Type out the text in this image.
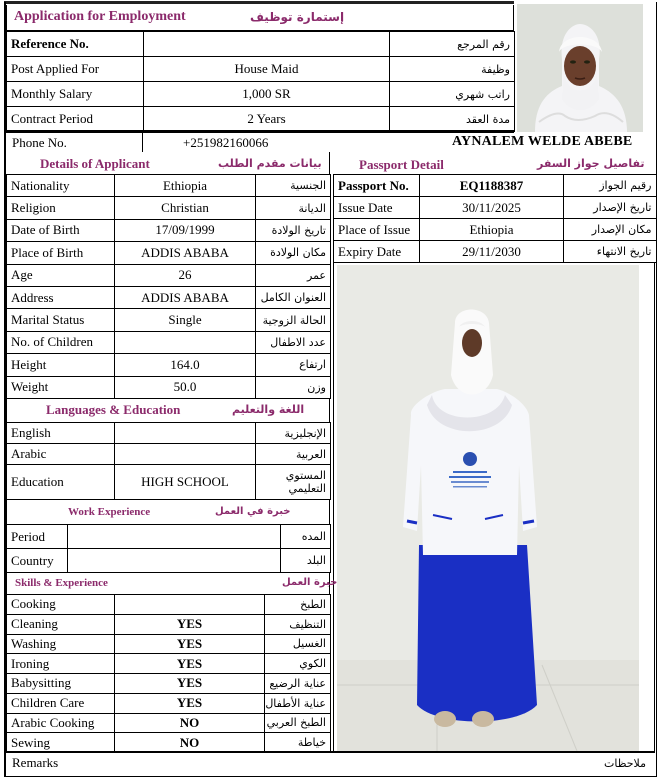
Application for Employment	إستمارة توظيف
Reference No.		رقم المرجع
Post Applied For	House Maid	وظيفة
Monthly Salary	1,000 SR	راتب شهري
Contract Period	2 Years	مدة العقد
Phone No.	+251982160066	AYNALEM WELDE ABEBE
Details of Applicant	بيانات مقدم الطلب
Nationality	Ethiopia	الجنسية
Religion	Christian	الديانة
Date of Birth	17/09/1999	تاريخ الولادة
Place of Birth	ADDIS ABABA	مكان الولادة
Age	26	عمر
Address	ADDIS ABABA	العنوان الكامل
Marital Status	Single	الحالة الزوجية
No. of Children		عدد الاطفال
Height	164.0	ارتفاع
Weight	50.0	وزن
Passport Detail	تفاصيل جواز السفر
Passport No.	EQ1188387	رقيم الجواز
Issue Date	30/11/2025	تاريخ الإصدار
Place of Issue	Ethiopia	مكان الإصدار
Expiry Date	29/11/2030	تاريخ الانتهاء
Languages & Education	اللغة والتعليم
English		الإنجليزية
Arabic		العربية
Education	HIGH SCHOOL	المستوي التعليمي
Work Experience	خبرة في العمل
Period		المده
Country		البلد
Skills & Experience	خبرة العمل
Cooking		الطبخ
Cleaning	YES	التنظيف
Washing	YES	الغسيل
Ironing	YES	الكوي
Babysitting	YES	عناية الرضيع
Children Care	YES	عناية الأطفال
Arabic Cooking	NO	الطبخ العربي
Sewing	NO	خياطة
Remarks	ملاحظات
